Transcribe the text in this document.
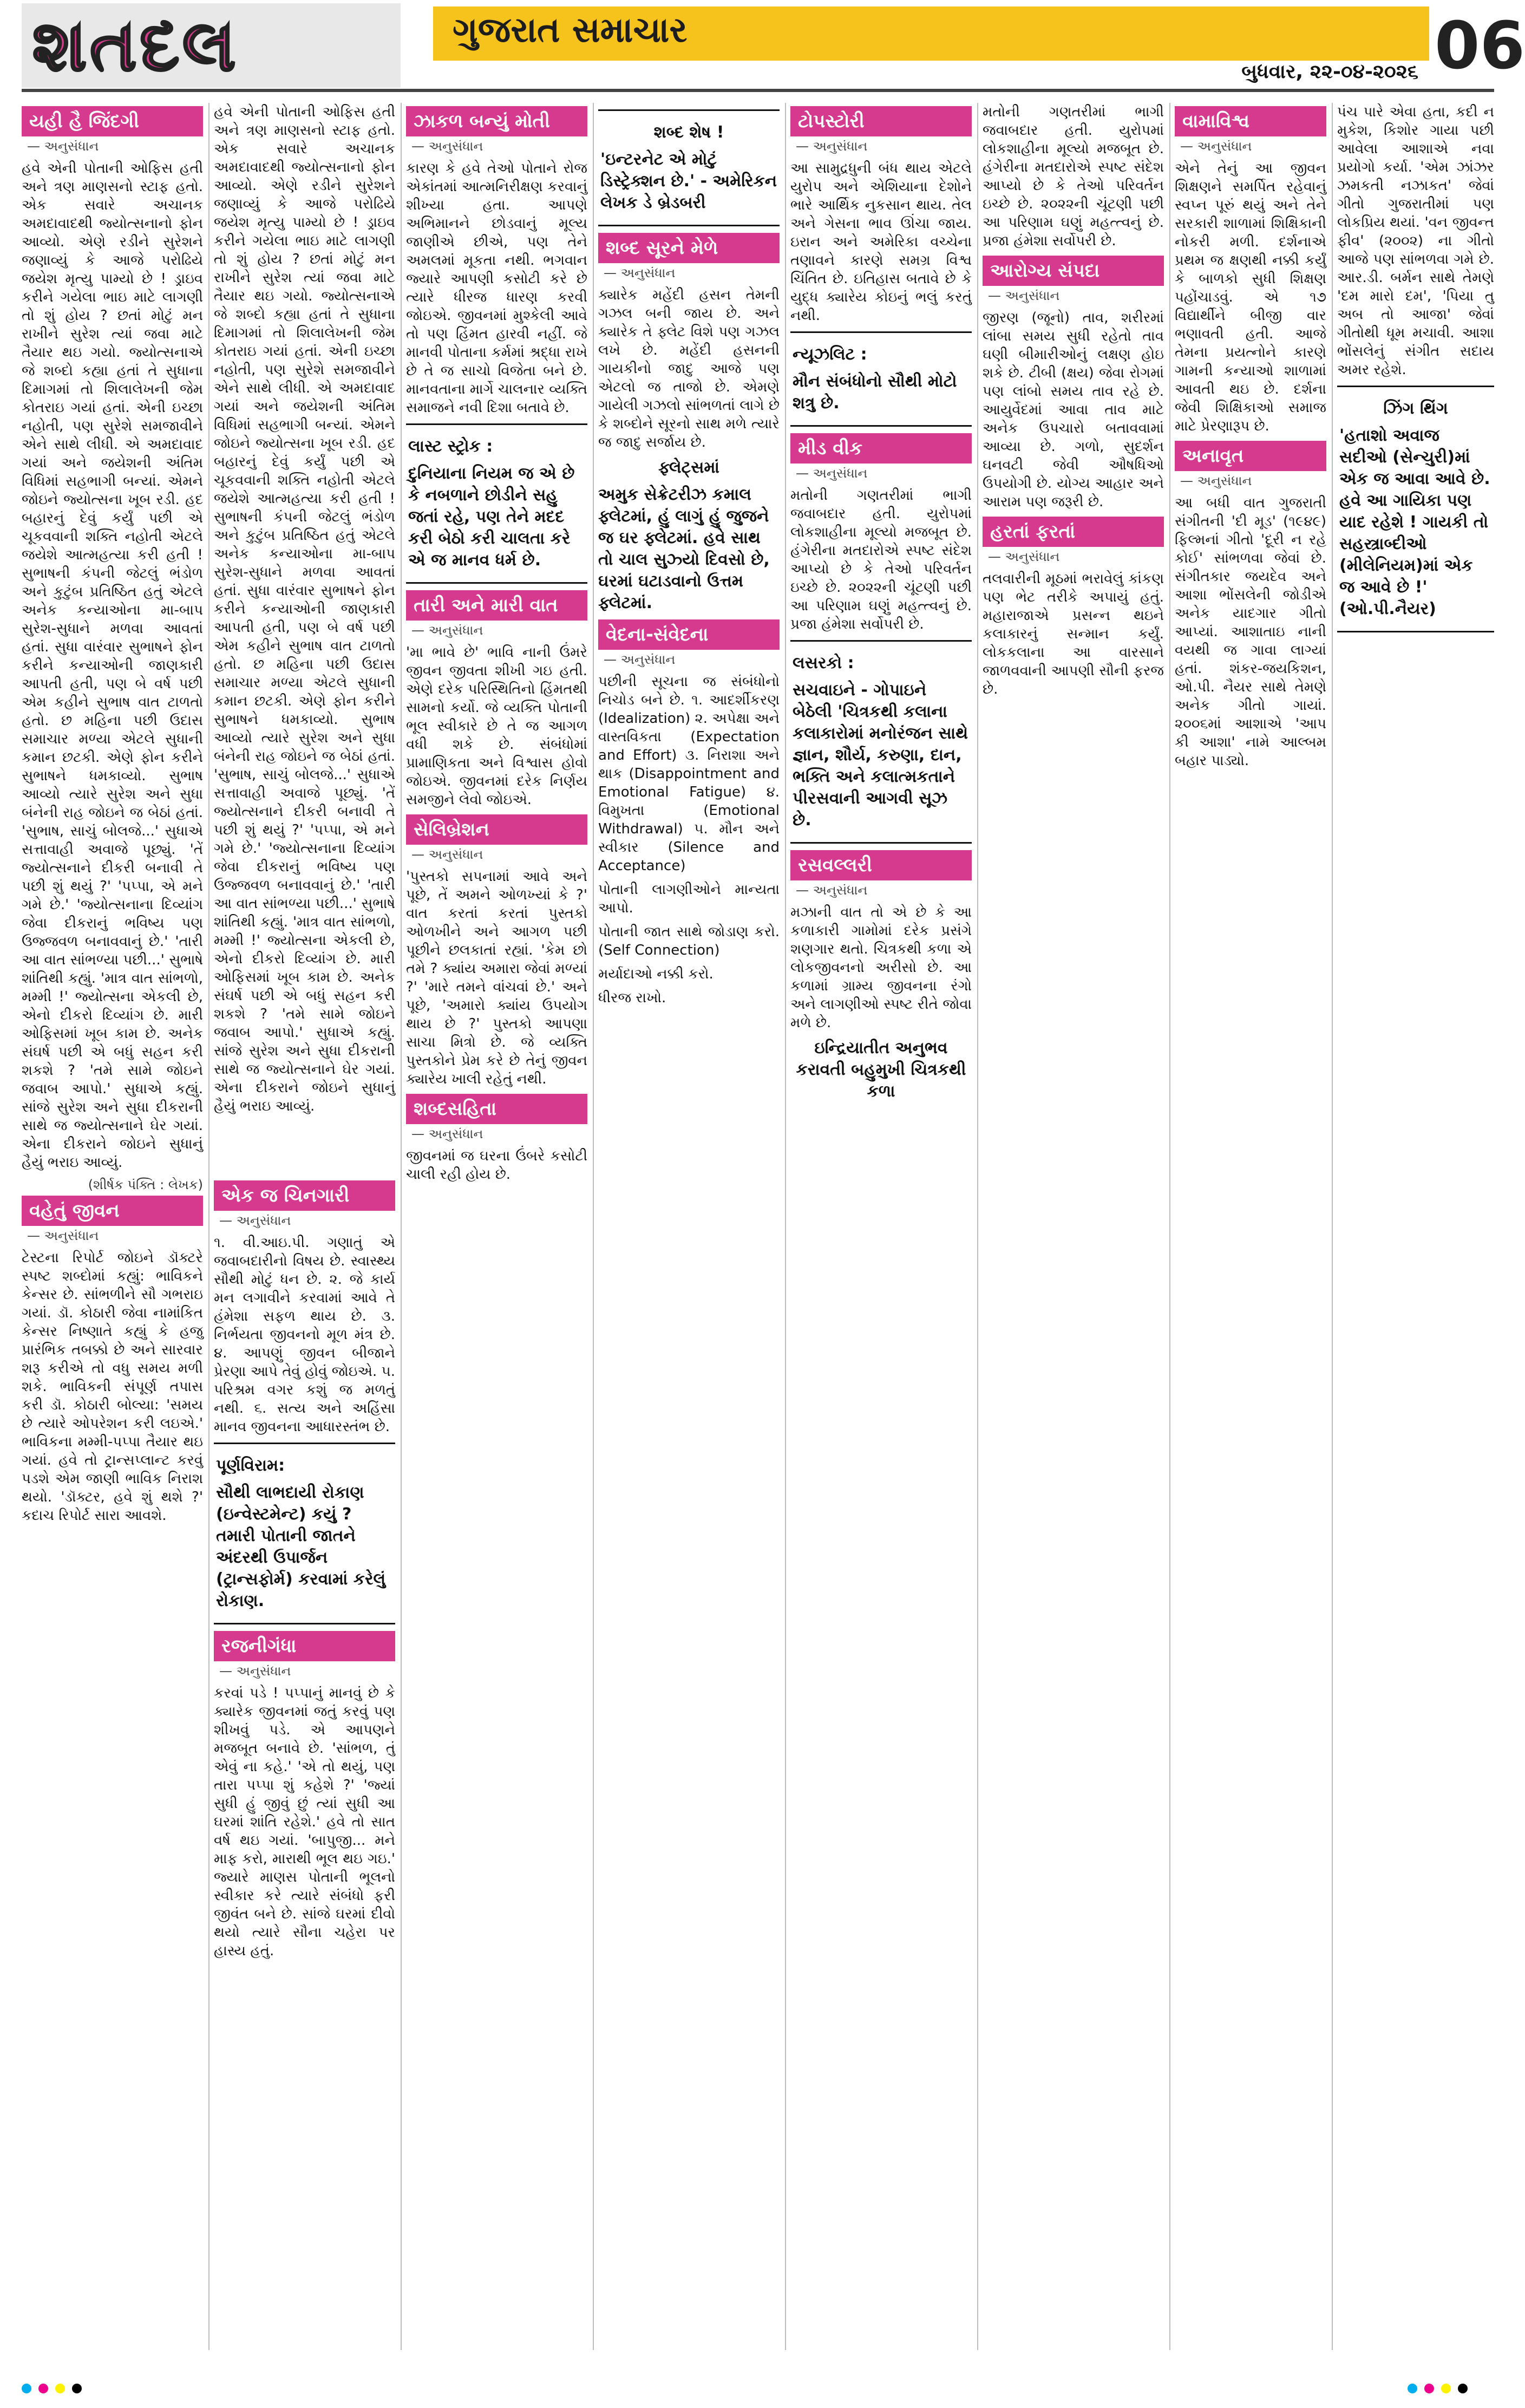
શતદલ	ગુજરાત સમાચાર
બુધવાર, ૨૨-૦૪-૨૦૨૬ 06
યહી હૈ જિંદગી
— અનુસંધાન
હવે એની પોતાની ઓફિસ હતી અને ત્રણ માણસનો સ્ટાફ હતો. એક સવારે અચાનક અમદાવાદથી જ્યોત્સનાનો ફોન આવ્યો. એણે રડીને સુરેશને જણાવ્યું કે આજે પરોઢિયે જયેશ મૃત્યુ પામ્યો છે ! ડ્રાઇવ કરીને ગયેલા ભાઇ માટે લાગણી તો શું હોય ? છતાં મોટું મન રાખીને સુરેશ ત્યાં જવા માટે તૈયાર થઇ ગયો. જ્યોત્સનાએ જે શબ્દો કહ્યા હતાં તે સુધાના દિમાગમાં તો શિલાલેખની જેમ કોતરાઇ ગયાં હતાં. એની ઇચ્છા નહોતી, પણ સુરેશે સમજાવીને એને સાથે લીધી. એ અમદાવાદ ગયાં અને જયેશની અંતિમ વિધિમાં સહભાગી બન્યાં. એમને જોઇને જ્યોત્સના ખૂબ રડી. હદ બહારનું દેવું કર્યું પછી એ ચૂકવવાની શક્તિ નહોતી એટલે જયેશે આત્મહત્યા કરી હતી ! સુભાષની કંપની જેટલું ભંડોળ અને કુટુંબ પ્રતિષ્ઠિત હતું એટલે અનેક કન્યાઓના મા-બાપ સુરેશ-સુધાને મળવા આવતાં હતાં. સુધા વારંવાર સુભાષને ફોન કરીને કન્યાઓની જાણકારી આપતી હતી, પણ બે વર્ષ પછી એમ કહીને સુભાષ વાત ટાળતો હતો. છ મહિના પછી ઉદાસ સમાચાર મળ્યા એટલે સુધાની કમાન છટકી. એણે ફોન કરીને સુભાષને ધમકાવ્યો. સુભાષ આવ્યો ત્યારે સુરેશ અને સુધા બંનેની રાહ જોઇને જ બેઠાં હતાં. 'સુભાષ, સાચું બોલજે...' સુધાએ સત્તાવાહી અવાજે પૂછ્યું. 'તેં જ્યોત્સનાને દીકરી બનાવી તે પછી શું થયું ?' 'પપ્પા, એ મને ગમે છે.' 'જ્યોત્સનાના દિવ્યાંગ જેવા દીકરાનું ભવિષ્ય પણ ઉજ્જવળ બનાવવાનું છે.' 'તારી આ વાત સાંભળ્યા પછી...' સુભાષે શાંતિથી કહ્યું. 'માત્ર વાત સાંભળો, મમ્મી !' જ્યોત્સના એકલી છે, એનો દીકરો દિવ્યાંગ છે. મારી ઓફિસમાં ખૂબ કામ છે. અનેક સંઘર્ષ પછી એ બધું સહન કરી શકશે ? 'તમે સામે જોઇને જવાબ આપો.' સુધાએ કહ્યું. સાંજે સુરેશ અને સુધા દીકરાની સાથે જ જ્યોત્સનાને ઘેર ગયાં. એના દીકરાને જોઇને સુધાનું હૈયું ભરાઇ આવ્યું.
(શીર્ષક પંક્તિ : લેખક)
વહેતું જીવન
— અનુસંધાન
ટેસ્ટના રિપોર્ટ જોઇને ડૉક્ટરે સ્પષ્ટ શબ્દોમાં કહ્યું: ભાવિકને કેન્સર છે. સાંભળીને સૌ ગભરાઇ ગયાં. ડૉ. કોઠારી જેવા નામાંકિત કેન્સર નિષ્ણાતે કહ્યું કે હજુ પ્રારંભિક તબક્કો છે અને સારવાર શરૂ કરીએ તો વધુ સમય મળી શકે. ભાવિકની સંપૂર્ણ તપાસ કરી ડૉ. કોઠારી બોલ્યા: 'સમય છે ત્યારે ઓપરેશન કરી લઇએ.' ભાવિકના મમ્મી-પપ્પા તૈયાર થઇ ગયાં. હવે તો ટ્રાન્સપ્લાન્ટ કરવું પડશે એમ જાણી ભાવિક નિરાશ થયો. 'ડૉક્ટર, હવે શું થશે ?' કદાચ રિપોર્ટ સારા આવશે.
હવે એની પોતાની ઓફિસ હતી અને ત્રણ માણસનો સ્ટાફ હતો. એક સવારે અચાનક અમદાવાદથી જ્યોત્સનાનો ફોન આવ્યો. એણે રડીને સુરેશને જણાવ્યું કે આજે પરોઢિયે જયેશ મૃત્યુ પામ્યો છે ! ડ્રાઇવ કરીને ગયેલા ભાઇ માટે લાગણી તો શું હોય ? છતાં મોટું મન રાખીને સુરેશ ત્યાં જવા માટે તૈયાર થઇ ગયો. જ્યોત્સનાએ જે શબ્દો કહ્યા હતાં તે સુધાના દિમાગમાં તો શિલાલેખની જેમ કોતરાઇ ગયાં હતાં. એની ઇચ્છા નહોતી, પણ સુરેશે સમજાવીને એને સાથે લીધી. એ અમદાવાદ ગયાં અને જયેશની અંતિમ વિધિમાં સહભાગી બન્યાં. એમને જોઇને જ્યોત્સના ખૂબ રડી. હદ બહારનું દેવું કર્યું પછી એ ચૂકવવાની શક્તિ નહોતી એટલે જયેશે આત્મહત્યા કરી હતી ! સુભાષની કંપની જેટલું ભંડોળ અને કુટુંબ પ્રતિષ્ઠિત હતું એટલે અનેક કન્યાઓના મા-બાપ સુરેશ-સુધાને મળવા આવતાં હતાં. સુધા વારંવાર સુભાષને ફોન કરીને કન્યાઓની જાણકારી આપતી હતી, પણ બે વર્ષ પછી એમ કહીને સુભાષ વાત ટાળતો હતો. છ મહિના પછી ઉદાસ સમાચાર મળ્યા એટલે સુધાની કમાન છટકી. એણે ફોન કરીને સુભાષને ધમકાવ્યો. સુભાષ આવ્યો ત્યારે સુરેશ અને સુધા બંનેની રાહ જોઇને જ બેઠાં હતાં. 'સુભાષ, સાચું બોલજે...' સુધાએ સત્તાવાહી અવાજે પૂછ્યું. 'તેં જ્યોત્સનાને દીકરી બનાવી તે પછી શું થયું ?' 'પપ્પા, એ મને ગમે છે.' 'જ્યોત્સનાના દિવ્યાંગ જેવા દીકરાનું ભવિષ્ય પણ ઉજ્જવળ બનાવવાનું છે.' 'તારી આ વાત સાંભળ્યા પછી...' સુભાષે શાંતિથી કહ્યું. 'માત્ર વાત સાંભળો, મમ્મી !' જ્યોત્સના એકલી છે, એનો દીકરો દિવ્યાંગ છે. મારી ઓફિસમાં ખૂબ કામ છે. અનેક સંઘર્ષ પછી એ બધું સહન કરી શકશે ? 'તમે સામે જોઇને જવાબ આપો.' સુધાએ કહ્યું. સાંજે સુરેશ અને સુધા દીકરાની સાથે જ જ્યોત્સનાને ઘેર ગયાં. એના દીકરાને જોઇને સુધાનું હૈયું ભરાઇ આવ્યું.
એક જ ચિનગારી
— અનુસંધાન
૧. વી.આઇ.પી. ગણાતું એ જવાબદારીનો વિષય છે. સ્વાસ્થ્ય સૌથી મોટું ધન છે. ૨. જે કાર્ય મન લગાવીને કરવામાં આવે તે હંમેશા સફળ થાય છે. ૩. નિર્ભયતા જીવનનો મૂળ મંત્ર છે. ૪. આપણું જીવન બીજાને પ્રેરણા આપે તેવું હોવું જોઇએ. ૫. પરિશ્રમ વગર કશું જ મળતું નથી. ૬. સત્ય અને અહિંસા માનવ જીવનના આધારસ્તંભ છે.
પૂર્ણવિરામ:
સૌથી લાભદાયી રોકાણ (ઇન્વેસ્ટમેન્ટ) કયું ? તમારી પોતાની જાતને અંદરથી ઉપાર્જન (ટ્રાન્સફોર્મ) કરવામાં કરેલું રોકાણ.
રજનીગંધા
— અનુસંધાન
કરવાં પડે ! પપ્પાનું માનવું છે કે ક્યારેક જીવનમાં જતું કરવું પણ શીખવું પડે. એ આપણને મજબૂત બનાવે છે. 'સાંભળ, તું એવું ના કહે.' 'એ તો થયું, પણ તારા પપ્પા શું કહેશે ?' 'જ્યાં સુધી હું જીવું છું ત્યાં સુધી આ ઘરમાં શાંતિ રહેશે.' હવે તો સાત વર્ષ થઇ ગયાં. 'બાપુજી... મને માફ કરો, મારાથી ભૂલ થઇ ગઇ.' જ્યારે માણસ પોતાની ભૂલનો સ્વીકાર કરે ત્યારે સંબંધો ફરી જીવંત બને છે. સાંજે ઘરમાં દીવો થયો ત્યારે સૌના ચહેરા પર હાસ્ય હતું.
ઝાકળ બન્યું મોતી
— અનુસંધાન
કારણ કે હવે તેઓ પોતાને રોજ એકાંતમાં આત્મનિરીક્ષણ કરવાનું શીખ્યા હતા. આપણે અભિમાનને છોડવાનું મૂલ્ય જાણીએ છીએ, પણ તેને અમલમાં મૂકતા નથી. ભગવાન જ્યારે આપણી કસોટી કરે છે ત્યારે ધીરજ ધારણ કરવી જોઇએ. જીવનમાં મુશ્કેલી આવે તો પણ હિંમત હારવી નહીં. જે માનવી પોતાના કર્મમાં શ્રદ્ધા રાખે છે તે જ સાચો વિજેતા બને છે. માનવતાના માર્ગે ચાલનાર વ્યક્તિ સમાજને નવી દિશા બતાવે છે.
લાસ્ટ સ્ટ્રોક :
દુનિયાના નિયમ જ એ છે કે નબળાને છોડીને સહુ જતાં રહે, પણ તેને મદદ કરી બેઠો કરી ચાલતા કરે એ જ માનવ ધર્મ છે.
તારી અને મારી વાત
— અનુસંધાન
'મા ભાવે છે' ભાવિ નાની ઉંમરે જીવન જીવતા શીખી ગઇ હતી. એણે દરેક પરિસ્થિતિનો હિંમતથી સામનો કર્યો. જે વ્યક્તિ પોતાની ભૂલ સ્વીકારે છે તે જ આગળ વધી શકે છે. સંબંધોમાં પ્રામાણિકતા અને વિશ્વાસ હોવો જોઇએ. જીવનમાં દરેક નિર્ણય સમજીને લેવો જોઇએ.
સેલિબ્રેશન
— અનુસંધાન
'પુસ્તકો સપનામાં આવે અને પૂછે, તેં અમને ઓળખ્યાં કે ?' વાત કરતાં કરતાં પુસ્તકો ઓળખીને અને આગળ પછી પૂછીને છલકાતાં રહ્યાં. 'કેમ છો તમે ? ક્યાંય અમારા જેવાં મળ્યાં ?' 'મારે તમને વાંચવાં છે.' અને પૂછે, 'અમારો ક્યાંય ઉપયોગ થાય છે ?' પુસ્તકો આપણા સાચા મિત્રો છે. જે વ્યક્તિ પુસ્તકોને પ્રેમ કરે છે તેનું જીવન ક્યારેય ખાલી રહેતું નથી.
શબ્દસહિતા
— અનુસંધાન
જીવનમાં જ ઘરના ઉંબરે કસોટી ચાલી રહી હોય છે.
શબ્દ શેષ !
'ઇન્ટરનેટ એ મોટું ડિસ્ટ્રેક્શન છે.' - અમેરિકન લેખક ડે બ્રેડબરી
શબ્દ સૂરને મેળે
— અનુસંધાન
ક્યારેક મહેંદી હસન તેમની ગઝલ બની જાય છે. અને ક્યારેક તે ફ્લેટ વિશે પણ ગઝલ લખે છે. મહેંદી હસનની ગાયકીનો જાદુ આજે પણ એટલો જ તાજો છે. એમણે ગાયેલી ગઝલો સાંભળતાં લાગે છે કે શબ્દોને સૂરનો સાથ મળે ત્યારે જ જાદુ સર્જાય છે.
ફ્લેટ્સમાં
અમુક સેક્રેટરીઝ કમાલ ફ્લેટમાં, હું લાગું હું જુજને જ ઘર ફ્લેટમાં. હવે સાથ તો ચાલ સુઝ્યો દિવસો છે, ઘરમાં ઘટાડવાનો ઉત્તમ ફ્લેટમાં.
વેદના-સંવેદના
— અનુસંધાન
પછીની સૂચના જ સંબંધોનો નિચોડ બને છે. ૧. આદર્શીકરણ (Idealization) ૨. અપેક્ષા અને વાસ્તવિકતા (Expectation and Effort) ૩. નિરાશા અને થાક (Disappointment and Emotional Fatigue) ૪. વિમુખતા (Emotional Withdrawal) ૫. મૌન અને સ્વીકાર (Silence and Acceptance)
પોતાની લાગણીઓને માન્યતા આપો.
પોતાની જાત સાથે જોડાણ કરો. (Self Connection)
મર્યાદાઓ નક્કી કરો.
ધીરજ રાખો.
ટોપસ્ટોરી
— અનુસંધાન
આ સામુદ્રધુની બંધ થાય એટલે યુરોપ અને એશિયાના દેશોને ભારે આર્થિક નુકસાન થાય. તેલ અને ગેસના ભાવ ઊંચા જાય. ઇરાન અને અમેરિકા વચ્ચેના તણાવને કારણે સમગ્ર વિશ્વ ચિંતિત છે. ઇતિહાસ બતાવે છે કે યુદ્ધ ક્યારેય કોઇનું ભલું કરતું નથી.
ન્યૂઝલિટ :
મૌન સંબંધોનો સૌથી મોટો શત્રુ છે.
મીડ વીક
— અનુસંધાન
મતોની ગણતરીમાં ભાગી જવાબદાર હતી. યુરોપમાં લોકશાહીના મૂલ્યો મજબૂત છે. હંગેરીના મતદારોએ સ્પષ્ટ સંદેશ આપ્યો છે કે તેઓ પરિવર્તન ઇચ્છે છે. ૨૦૨૨ની ચૂંટણી પછી આ પરિણામ ઘણું મહત્ત્વનું છે. પ્રજા હંમેશા સર્વોપરી છે.
લસરકો :
સચવાઇને - ગોપાઇને બેઠેલી 'ચિત્રકથી કલાના કલાકારોમાં મનોરંજન સાથે જ્ઞાન, શૌર્ય, કરુણા, દાન, ભક્તિ અને કલાત્મકતાને પીરસવાની આગવી સૂઝ છે.
રસવલ્લરી
— અનુસંધાન
મઝાની વાત તો એ છે કે આ કળાકારી ગામોમાં દરેક પ્રસંગે શણગાર થતો. ચિત્રકથી કળા એ લોકજીવનનો અરીસો છે. આ કળામાં ગ્રામ્ય જીવનના રંગો અને લાગણીઓ સ્પષ્ટ રીતે જોવા મળે છે.
ઇન્દ્રિયાતીત અનુભવ કરાવતી બહુમુખી ચિત્રકથી કળા
મતોની ગણતરીમાં ભાગી જવાબદાર હતી. યુરોપમાં લોકશાહીના મૂલ્યો મજબૂત છે. હંગેરીના મતદારોએ સ્પષ્ટ સંદેશ આપ્યો છે કે તેઓ પરિવર્તન ઇચ્છે છે. ૨૦૨૨ની ચૂંટણી પછી આ પરિણામ ઘણું મહત્ત્વનું છે. પ્રજા હંમેશા સર્વોપરી છે.
આરોગ્ય સંપદા
— અનુસંધાન
જીરણ (જૂનો) તાવ, શરીરમાં લાંબા સમય સુધી રહેતો તાવ ઘણી બીમારીઓનું લક્ષણ હોઇ શકે છે. ટીબી (ક્ષય) જેવા રોગમાં પણ લાંબો સમય તાવ રહે છે. આયુર્વેદમાં આવા તાવ માટે અનેક ઉપચારો બતાવવામાં આવ્યા છે. ગળો, સુદર્શન ઘનવટી જેવી ઔષધિઓ ઉપયોગી છે. યોગ્ય આહાર અને આરામ પણ જરૂરી છે.
હરતાં ફરતાં
— અનુસંધાન
તલવારીની મૂઠમાં ભરાવેલું કાંકણ પણ ભેટ તરીકે અપાયું હતું. મહારાજાએ પ્રસન્ન થઇને કલાકારનું સન્માન કર્યું. લોકકલાના આ વારસાને જાળવવાની આપણી સૌની ફરજ છે.
વામાવિશ્વ
— અનુસંધાન
એને તેનું આ જીવન શિક્ષણને સમર્પિત રહેવાનું સ્વપ્ન પૂરું થયું અને તેને સરકારી શાળામાં શિક્ષિકાની નોકરી મળી. દર્શનાએ પ્રથમ જ ક્ષણથી નક્કી કર્યું કે બાળકો સુધી શિક્ષણ પહોંચાડવું. એ ૧૭ વિદ્યાર્થીને બીજી વાર ભણાવતી હતી. આજે તેમના પ્રયત્નોને કારણે ગામની કન્યાઓ શાળામાં આવતી થઇ છે. દર્શના જેવી શિક્ષિકાઓ સમાજ માટે પ્રેરણારૂપ છે.
અનાવૃત
— અનુસંધાન
આ બધી વાત ગુજરાતી સંગીતની 'દી મૂડ' (૧૯૪૯) ફિલ્મનાં ગીતો 'દૂરી ન રહે કોઈ' સાંભળવા જેવાં છે. સંગીતકાર જયદેવ અને આશા ભોંસલેની જોડીએ અનેક યાદગાર ગીતો આપ્યાં. આશાતાઇ નાની વયથી જ ગાવા લાગ્યાં હતાં. શંકર-જયકિશન, ઓ.પી. નૈયર સાથે તેમણે અનેક ગીતો ગાયાં. ૨૦૦૬માં આશાએ 'આપ કી આશા' નામે આલ્બમ બહાર પાડ્યો.
પંચ પારે એવા હતા, કદી ન મુકેશ, કિશોર ગાયા પછી આવેલા આશાએ નવા પ્રયોગો કર્યા. 'એમ ઝાંઝર ઝમકતી નઝાકત' જેવાં ગીતો ગુજરાતીમાં પણ લોકપ્રિય થયાં. 'વન જીવન્ત ફીવ' (૨૦૦૨) ના ગીતો આજે પણ સાંભળવા ગમે છે. આર.ડી. બર્મન સાથે તેમણે 'દમ મારો દમ', 'પિયા તુ અબ તો આજા' જેવાં ગીતોથી ધૂમ મચાવી. આશા ભોંસલેનું સંગીત સદાય અમર રહેશે.
ઝિંગ થિંગ
'હતાશો અવાજ સદીઓ (સેન્ચુરી)માં એક જ આવા આવે છે. હવે આ ગાયિકા પણ યાદ રહેશે ! ગાયકી તો સહસ્ત્રાબ્દીઓ (મીલેનિયમ)માં એક જ આવે છે !' (ઓ.પી.નૈયર)
